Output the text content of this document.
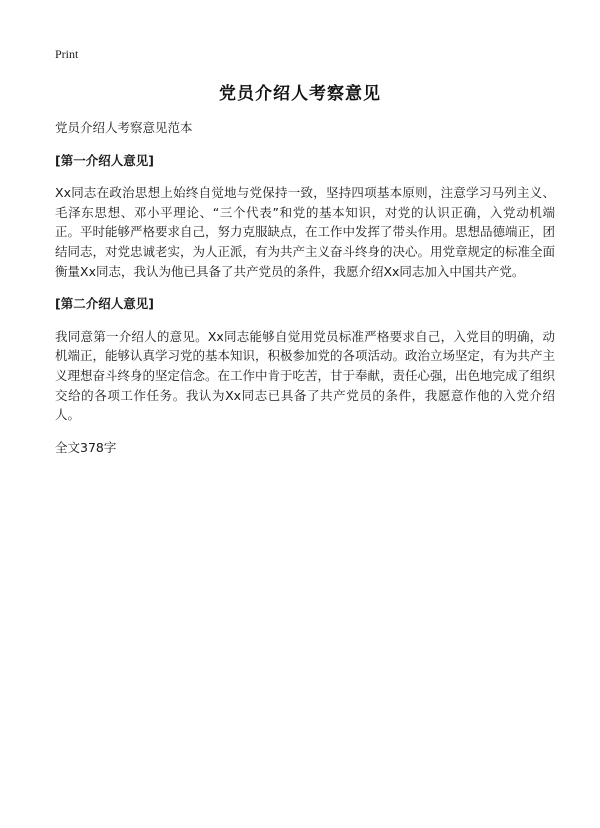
Print
党员介绍人考察意见

党员介绍人考察意见范本

[第一介绍人意见]

Xx同志在政治思想上始终自觉地与党保持一致，坚持四项基本原则，注意学习马列主义、毛泽东思想、邓小平理论、“三个代表”和党的基本知识，对党的认识正确，入党动机端正。平时能够严格要求自己，努力克服缺点，在工作中发挥了带头作用。思想品德端正，团结同志，对党忠诚老实，为人正派，有为共产主义奋斗终身的决心。用党章规定的标准全面衡量Xx同志，我认为他已具备了共产党员的条件，我愿介绍Xx同志加入中国共产党。

[第二介绍人意见]

我同意第一介绍人的意见。Xx同志能够自觉用党员标准严格要求自己，入党目的明确，动机端正，能够认真学习党的基本知识，积极参加党的各项活动。政治立场坚定，有为共产主义理想奋斗终身的坚定信念。在工作中肯于吃苦，甘于奉献，责任心强，出色地完成了组织交给的各项工作任务。我认为Xx同志已具备了共产党员的条件，我愿意作他的入党介绍人。

全文378字
